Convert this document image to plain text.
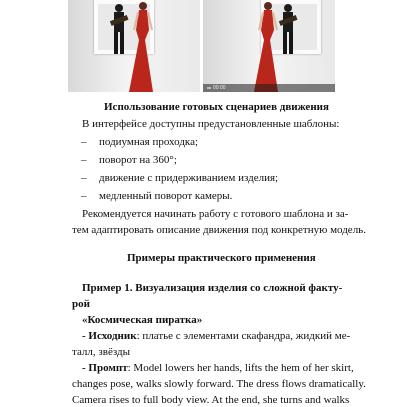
00:00
Использование готовых сценариев движения
В интерфейсе доступны предустановленные шаблоны:
– подиумная проходка;
– поворот на 360°;
– движение с придерживанием изделия;
– медленный поворот камеры.
Рекомендуется начинать работу с готового шаблона и за-
тем адаптировать описание движения под конкретную модель.
Примеры практического применения
Пример 1. Визуализация изделия со сложной факту-
рой
«Космическая пиратка»
- Исходник: платье с элементами скафандра, жидкий ме-
талл, звёзды
- Промпт: Model lowers her hands, lifts the hem of her skirt,
changes pose, walks slowly forward. The dress flows dramatically.
Camera rises to full body view. At the end, she turns and walks
